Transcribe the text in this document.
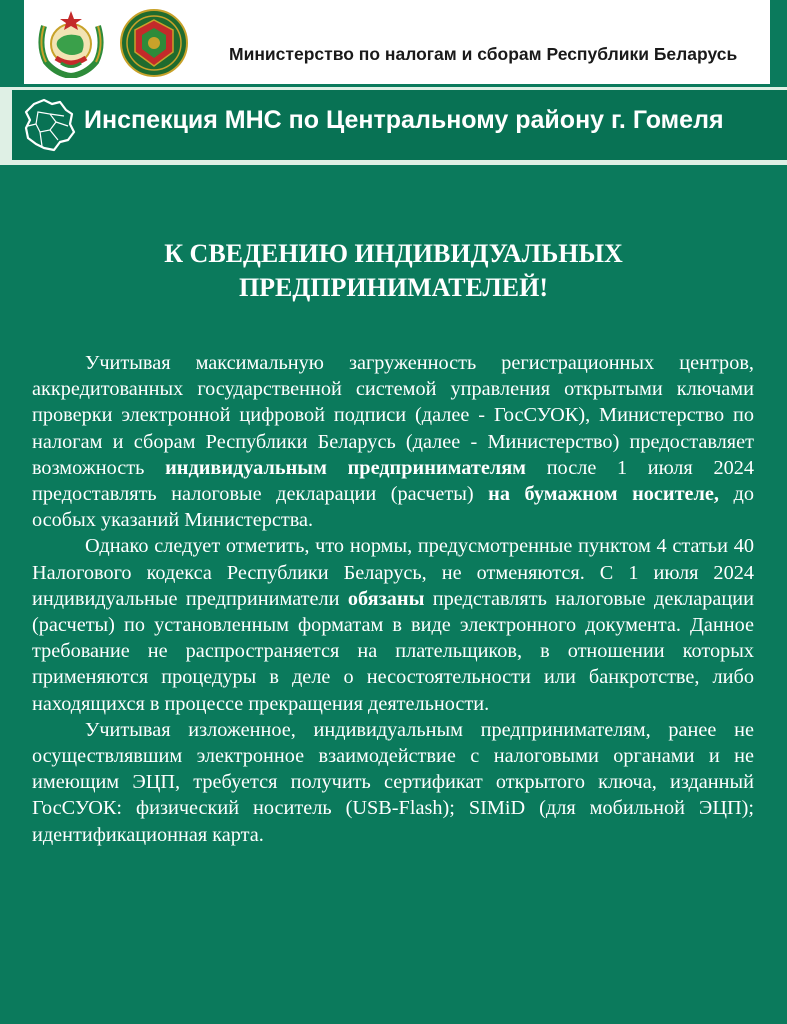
Министерство по налогам и сборам Республики Беларусь
Инспекция МНС по Центральному району г. Гомеля
К СВЕДЕНИЮ ИНДИВИДУАЛЬНЫХ
ПРЕДПРИНИМАТЕЛЕЙ!

Учитывая максимальную загруженность регистрационных центров, аккредитованных государственной системой управления открытыми ключами проверки электронной цифровой подписи (далее - ГосСУОК), Министерство по налогам и сборам Республики Беларусь (далее - Министерство) предоставляет возможность индивидуальным предпринимателям после 1 июля 2024 предоставлять налоговые декларации (расчеты) на бумажном носителе, до особых указаний Министерства.

Однако следует отметить, что нормы, предусмотренные пунктом 4 статьи 40 Налогового кодекса Республики Беларусь, не отменяются. С 1 июля 2024 индивидуальные предприниматели обязаны представлять налоговые декларации (расчеты) по установленным форматам в виде электронного документа. Данное требование не распространяется на плательщиков, в отношении которых применяются процедуры в деле о несостоятельности или банкротстве, либо находящихся в процессе прекращения деятельности.

Учитывая изложенное, индивидуальным предпринимателям, ранее не осуществлявшим электронное взаимодействие с налоговыми органами и не имеющим ЭЦП, требуется получить сертификат открытого ключа, изданный ГосСУОК: физический носитель (USB-Flash); SIMiD (для мобильной ЭЦП); идентификационная карта.
